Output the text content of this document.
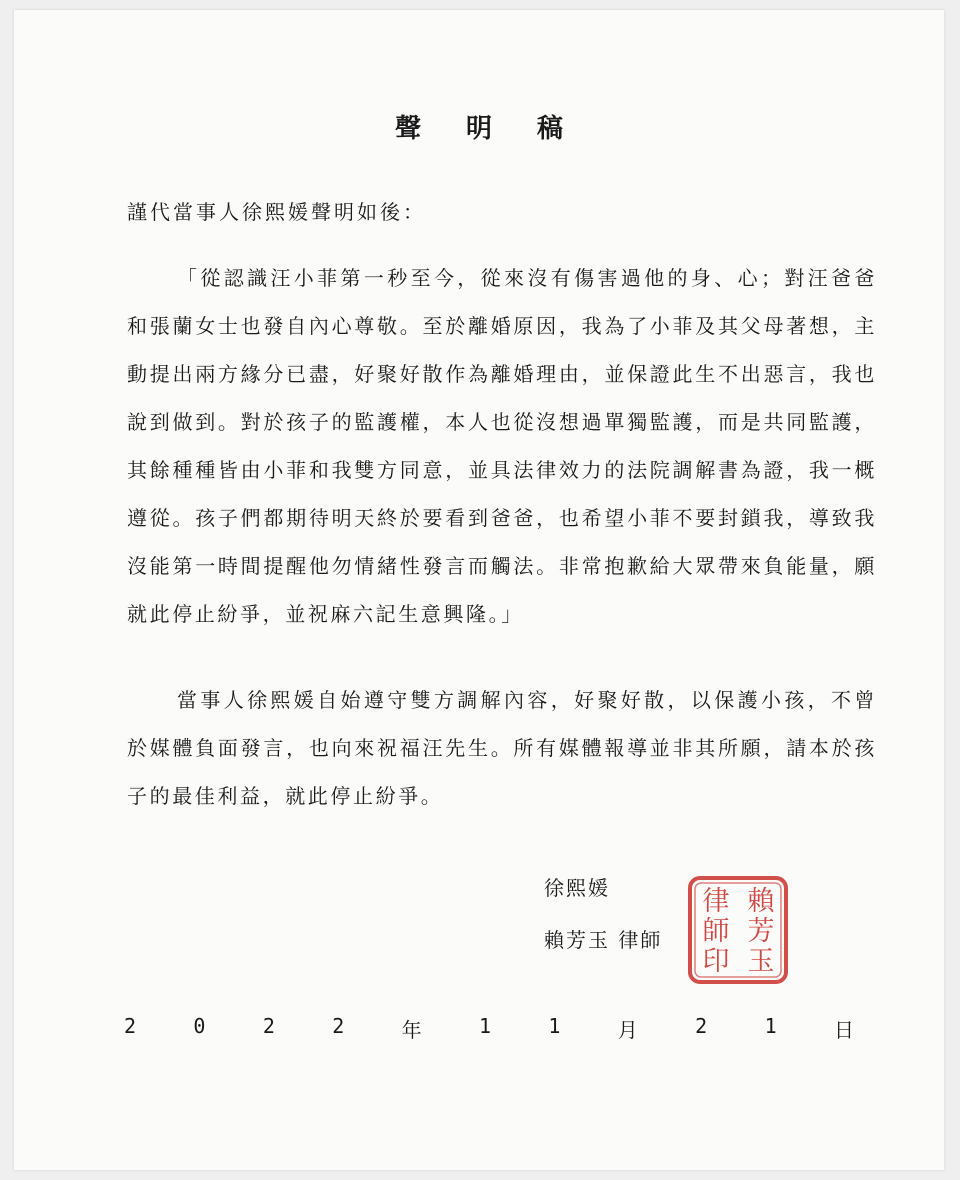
聲 明 稿
謹代當事人徐熙媛聲明如後：

「從認識汪小菲第一秒至今，從來沒有傷害過他的身、心；對汪爸爸和張蘭女士也發自內心尊敬。至於離婚原因，我為了小菲及其父母著想，主動提出兩方緣分已盡，好聚好散作為離婚理由，並保證此生不出惡言，我也說到做到。對於孩子的監護權，本人也從沒想過單獨監護，而是共同監護，其餘種種皆由小菲和我雙方同意，並具法律效力的法院調解書為證，我一概遵從。孩子們都期待明天終於要看到爸爸，也希望小菲不要封鎖我，導致我沒能第一時間提醒他勿情緒性發言而觸法。非常抱歉給大眾帶來負能量，願就此停止紛爭，並祝麻六記生意興隆。」

當事人徐熙媛自始遵守雙方調解內容，好聚好散，以保護小孩，不曾於媒體負面發言，也向來祝福汪先生。所有媒體報導並非其所願，請本於孩子的最佳利益，就此停止紛爭。

徐熙媛
賴芳玉 律師
賴
芳
玉
律
師
印
2	0	2	2	年	1	1	月	2	1	日
